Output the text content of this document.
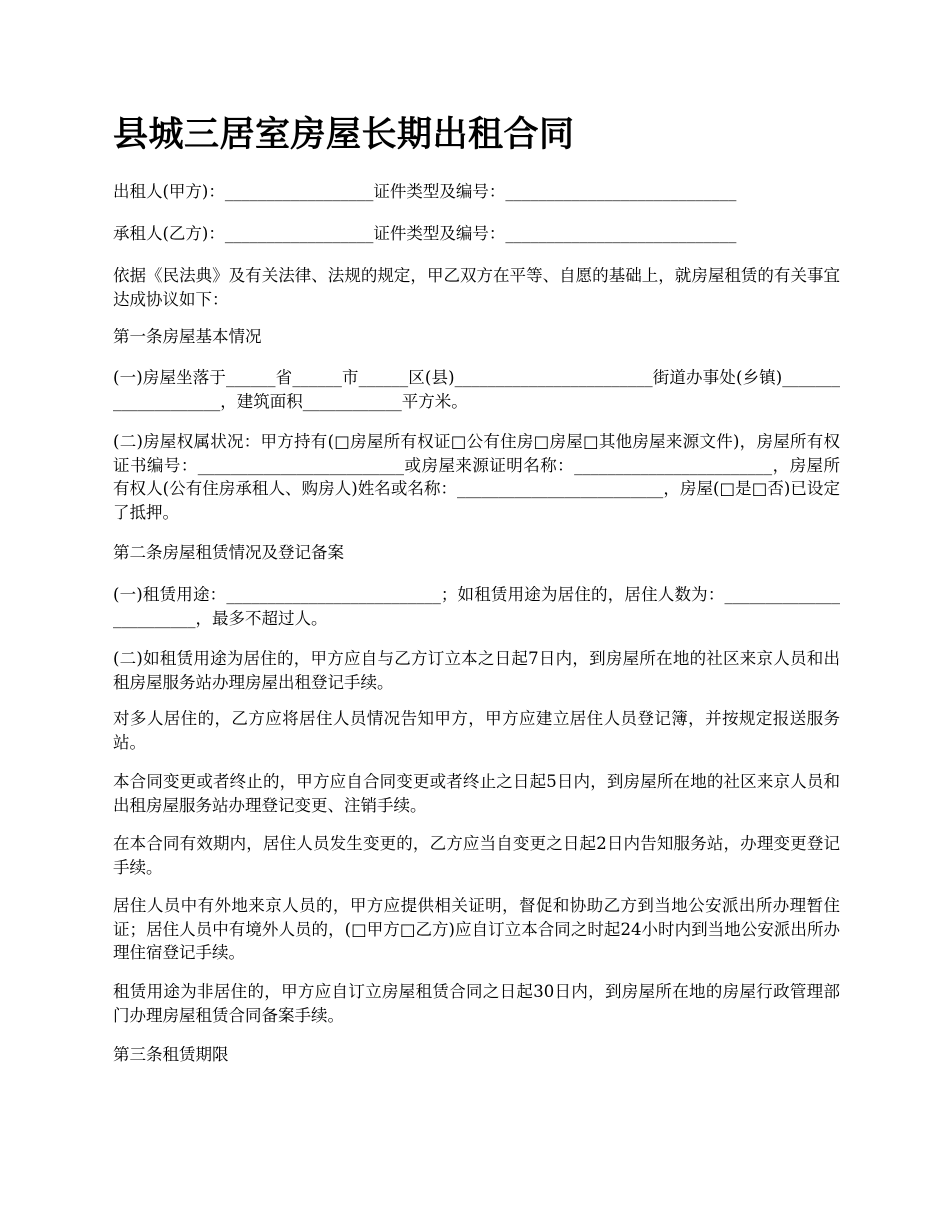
县城三居室房屋长期出租合同

出租人(甲方)：__________________证件类型及编号：____________________________

承租人(乙方)：__________________证件类型及编号：____________________________

依据《民法典》及有关法律、法规的规定，甲乙双方在平等、自愿的基础上，就房屋租赁的有关事宜达成协议如下：

第一条房屋基本情况

(一)房屋坐落于______省______市______区(县)________________________街道办事处(乡镇)____________________，建筑面积____________平方米。

(二)房屋权属状况：甲方持有(□房屋所有权证□公有住房□房屋□其他房屋来源文件)，房屋所有权证书编号：_________________________或房屋来源证明名称：________________________，房屋所有权人(公有住房承租人、购房人)姓名或名称：_________________________，房屋(□是□否)已设定了抵押。

第二条房屋租赁情况及登记备案

(一)租赁用途：__________________________；如租赁用途为居住的，居住人数为：________________________，最多不超过人。

(二)如租赁用途为居住的，甲方应自与乙方订立本之日起7日内，到房屋所在地的社区来京人员和出租房屋服务站办理房屋出租登记手续。

对多人居住的，乙方应将居住人员情况告知甲方，甲方应建立居住人员登记簿，并按规定报送服务站。

本合同变更或者终止的，甲方应自合同变更或者终止之日起5日内，到房屋所在地的社区来京人员和出租房屋服务站办理登记变更、注销手续。

在本合同有效期内，居住人员发生变更的，乙方应当自变更之日起2日内告知服务站，办理变更登记手续。

居住人员中有外地来京人员的，甲方应提供相关证明，督促和协助乙方到当地公安派出所办理暂住证；居住人员中有境外人员的，(□甲方□乙方)应自订立本合同之时起24小时内到当地公安派出所办理住宿登记手续。

租赁用途为非居住的，甲方应自订立房屋租赁合同之日起30日内，到房屋所在地的房屋行政管理部门办理房屋租赁合同备案手续。

第三条租赁期限
